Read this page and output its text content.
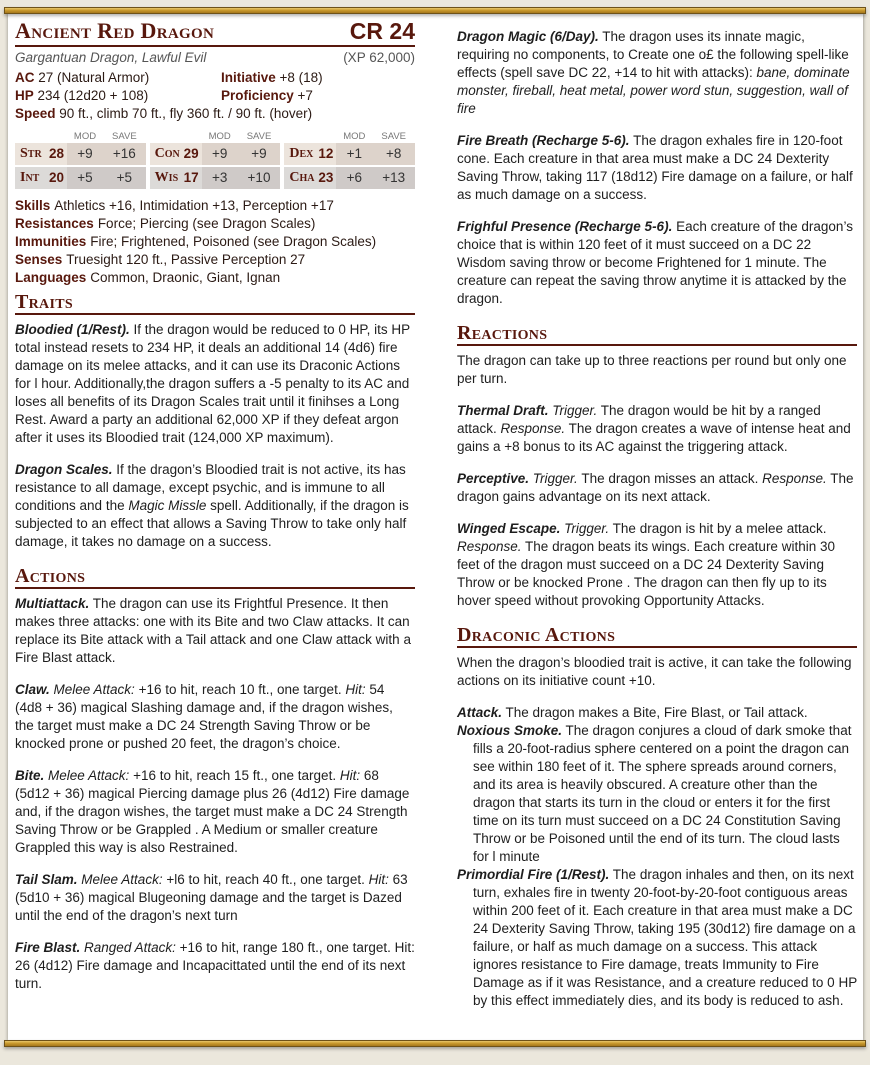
Ancient Red Dragon	CR 24
Gargantuan Dragon, Lawful Evil	(XP 62,000)
AC 27 (Natural Armor)	Initiative +8 (18)
HP 234 (12d20 + 108)	Proficiency +7
Speed 90 ft., climb 70 ft., fly 360 ft. / 90 ft. (hover)
MOD	SAVE
Str 28 +9	+16
Int 20 +5	+5
MOD	SAVE
Con 29 +9	+9
Wis 17 +3	+10
MOD	SAVE
Dex 12 +1	+8
Cha 23 +6	+13
Skills Athletics +16, Intimidation +13, Perception +17
Resistances Force; Piercing (see Dragon Scales)
Immunities Fire; Frightened, Poisoned (see Dragon Scales)
Senses Truesight 120 ft., Passive Perception 27
Languages Common, Draonic, Giant, Ignan
Traits

Bloodied (1/Rest). If the dragon would be reduced to 0 HP, its HP total instead resets to 234 HP, it deals an additional 14 (4d6) fire damage on its melee attacks, and it can use its Draconic Actions for l hour. Additionally,the dragon suffers a -5 penalty to its AC and loses all benefits of its Dragon Scales trait until it finihses a Long Rest. Award a party an additional 62,000 XP if they defeat argon after it uses its Bloodied trait (124,000 XP maximum).

Dragon Scales. If the dragon’s Bloodied trait is not active, its has resistance to all damage, except psychic, and is immune to all conditions and the Magic Missle spell. Additionally, if the dragon is subjected to an effect that allows a Saving Throw to take only half damage, it takes no damage on a success.

Actions

Multiattack. The dragon can use its Frightful Presence. It then makes three attacks: one with its Bite and two Claw attacks. It can replace its Bite attack with a Tail attack and one Claw attack with a Fire Blast attack.

Claw. Melee Attack: +16 to hit, reach 10 ft., one target. Hit: 54 (4d8 + 36) magical Slashing damage and, if the dragon wishes, the target must make a DC 24 Strength Saving Throw or be knocked prone or pushed 20 feet, the dragon’s choice.

Bite. Melee Attack: +16 to hit, reach 15 ft., one target. Hit: 68 (5d12 + 36) magical Piercing damage plus 26 (4d12) Fire damage and, if the dragon wishes, the target must make a DC 24 Strength Saving Throw or be Grappled . A Medium or smaller creature Grappled this way is also Restrained.

Tail Slam. Melee Attack: +l6 to hit, reach 40 ft., one target. Hit: 63 (5d10 + 36) magical Blugeoning damage and the target is Dazed until the end of the dragon’s next turn

Fire Blast. Ranged Attack: +16 to hit, range 180 ft., one target. Hit: 26 (4d12) Fire damage and Incapacittated until the end of its next turn.

Dragon Magic (6/Day). The dragon uses its innate magic, requiring no components, to Create one o£ the following spell-like effects (spell save DC 22, +14 to hit with attacks): bane, dominate monster, fireball, heat metal, power word stun, suggestion, wall of fire

Fire Breath (Recharge 5-6). The dragon exhales fire in 120-foot cone. Each creature in that area must make a DC 24 Dexterity Saving Throw, taking 117 (18d12) Fire damage on a failure, or half as much damage on a success.

Frighful Presence (Recharge 5-6). Each creature of the dragon’s choice that is within 120 feet of it must succeed on a DC 22 Wisdom saving throw or become Frightened for 1 minute. The creature can repeat the saving throw anytime it is attacked by the dragon.

Reactions

The dragon can take up to three reactions per round but only one per turn.

Thermal Draft. Trigger. The dragon would be hit by a ranged attack. Response. The dragon creates a wave of intense heat and gains a +8 bonus to its AC against the triggering attack.

Perceptive. Trigger. The dragon misses an attack. Response. The dragon gains advantage on its next attack.

Winged Escape. Trigger. The dragon is hit by a melee attack. Response. The dragon beats its wings. Each creature within 30 feet of the dragon must succeed on a DC 24 Dexterity Saving Throw or be knocked Prone . The dragon can then fly up to its hover speed without provoking Opportunity Attacks.

Draconic Actions

When the dragon’s bloodied trait is active, it can take the following actions on its initiative count +10.

Attack. The dragon makes a Bite, Fire Blast, or Tail attack.

Noxious Smoke. The dragon conjures a cloud of dark smoke that fills a 20-foot-radius sphere centered on a point the dragon can see within 180 feet of it. The sphere spreads around corners, and its area is heavily obscured. A creature other than the dragon that starts its turn in the cloud or enters it for the first time on its turn must succeed on a DC 24 Constitution Saving Throw or be Poisoned until the end of its turn. The cloud lasts for l minute

Primordial Fire (1/Rest). The dragon inhales and then, on its next turn, exhales fire in twenty 20-foot-by-20-foot contiguous areas within 200 feet of it. Each creature in that area must make a DC 24 Dexterity Saving Throw, taking 195 (30d12) fire damage on a failure, or half as much damage on a success. This attack ignores resistance to Fire damage, treats Immunity to Fire Damage as if it was Resistance, and a creature reduced to 0 HP by this effect immediately dies, and its body is reduced to ash.
